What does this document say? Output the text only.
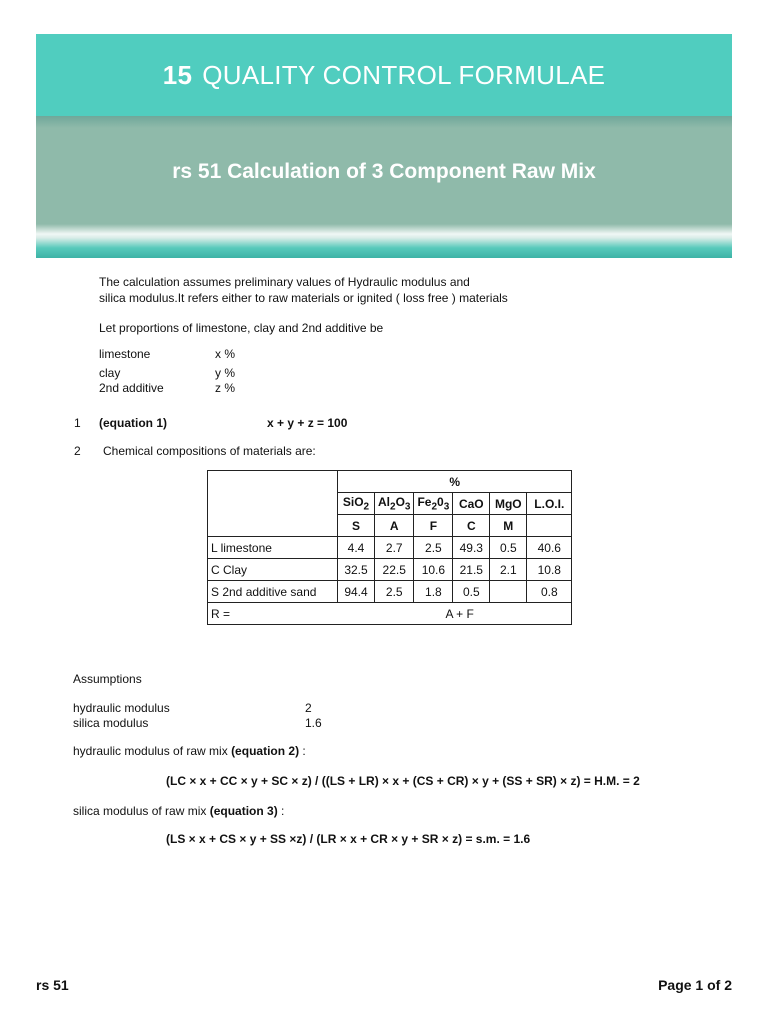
15 QUALITY CONTROL FORMULAE
rs 51 Calculation of 3 Component Raw Mix
The calculation assumes preliminary values of Hydraulic modulus and
silica modulus.It refers either to raw materials or ignited ( loss free ) materials
Let proportions of limestone, clay and 2nd additive be
limestone	x %
clay	y %
2nd additive	z %
1 (equation 1)	x + y + z = 100
2 Chemical compositions of materials are:
	%					
	SiO$_2$	$Al_2O_3$	$Fe_20_3$	CaO	MgO	L.O.I.
	S	A	F	C	M	
L limestone	4.4	2.7	2.5	49.3	0.5	40.6
C Clay	32.5	22.5	10.6	21.5	2.1	10.8
S 2nd additive sand	94.4	2.5	1.8	0.5		0.8
R =	A + F					
Assumptions
hydraulic modulus	2
silica modulus	1.6
hydraulic modulus of raw mix (equation 2) :
(LC × x + CC × y + SC × z) / ((LS + LR) × x + (CS + CR) × y + (SS + SR) × z) = H.M. = 2
silica modulus of raw mix (equation 3) :
(LS × x + CS × y + SS ×z) / (LR × x + CR × y + SR × z) = s.m. = 1.6
rs 51	Page 1 of 2
